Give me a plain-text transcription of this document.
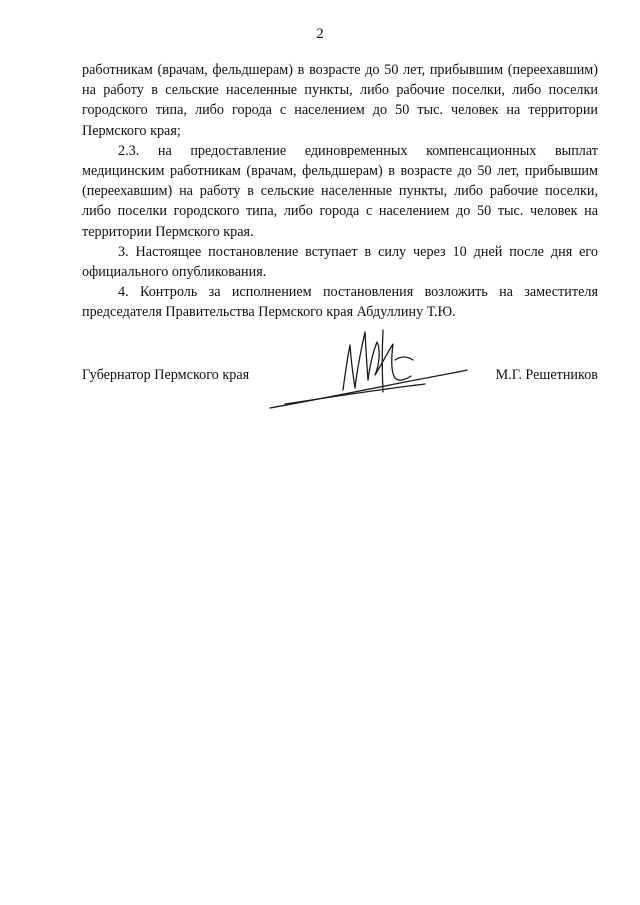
2

работникам (врачам, фельдшерам) в возрасте до 50 лет, прибывшим (переехавшим) на работу в сельские населенные пункты, либо рабочие поселки, либо поселки городского типа, либо города с населением до 50 тыс. человек на территории Пермского края;

2.3. на предоставление единовременных компенсационных выплат медицинским работникам (врачам, фельдшерам) в возрасте до 50 лет, прибывшим (переехавшим) на работу в сельские населенные пункты, либо рабочие поселки, либо поселки городского типа, либо города с населением до 50 тыс. человек на территории Пермского края.

3. Настоящее постановление вступает в силу через 10 дней после дня его официального опубликования.

4. Контроль за исполнением постановления возложить на заместителя председателя Правительства Пермского края Абдуллину Т.Ю.

Губернатор Пермского края	М.Г. Решетников
